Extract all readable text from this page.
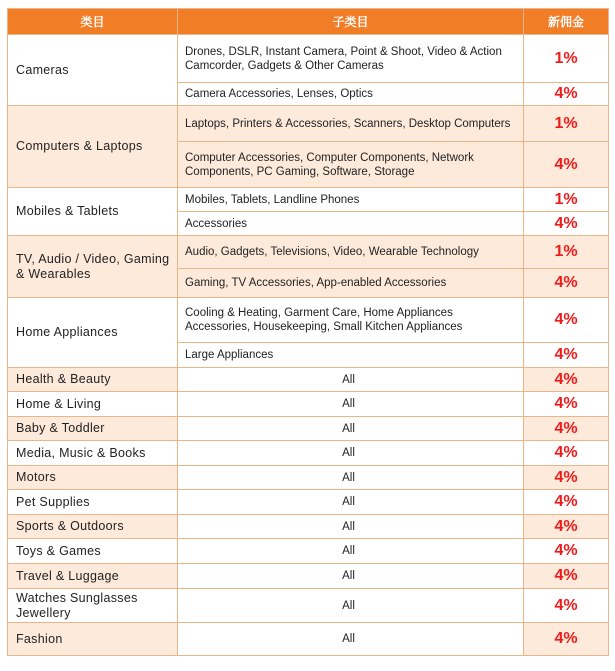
类目	子类目	新佣金
Cameras	Drones, DSLR, Instant Camera, Point & Shoot, Video & Action Camcorder, Gadgets & Other Cameras	1%
	Camera Accessories, Lenses, Optics	4%
Computers & Laptops	Laptops, Printers & Accessories, Scanners, Desktop Computers	1%
	Computer Accessories, Computer Components, Network Components, PC Gaming, Software, Storage	4%
Mobiles & Tablets	Mobiles, Tablets, Landline Phones	1%
	Accessories	4%
TV, Audio / Video, Gaming & Wearables	Audio, Gadgets, Televisions, Video, Wearable Technology	1%
	Gaming, TV Accessories, App-enabled Accessories	4%
Home Appliances	Cooling & Heating, Garment Care, Home Appliances Accessories, Housekeeping, Small Kitchen Appliances	4%
	Large Appliances	4%
Health & Beauty	All	4%
Home & Living	All	4%
Baby & Toddler	All	4%
Media, Music & Books	All	4%
Motors	All	4%
Pet Supplies	All	4%
Sports & Outdoors	All	4%
Toys & Games	All	4%
Travel & Luggage	All	4%

Watches Sunglasses Jewellery	All	4%
Fashion	All	4%
